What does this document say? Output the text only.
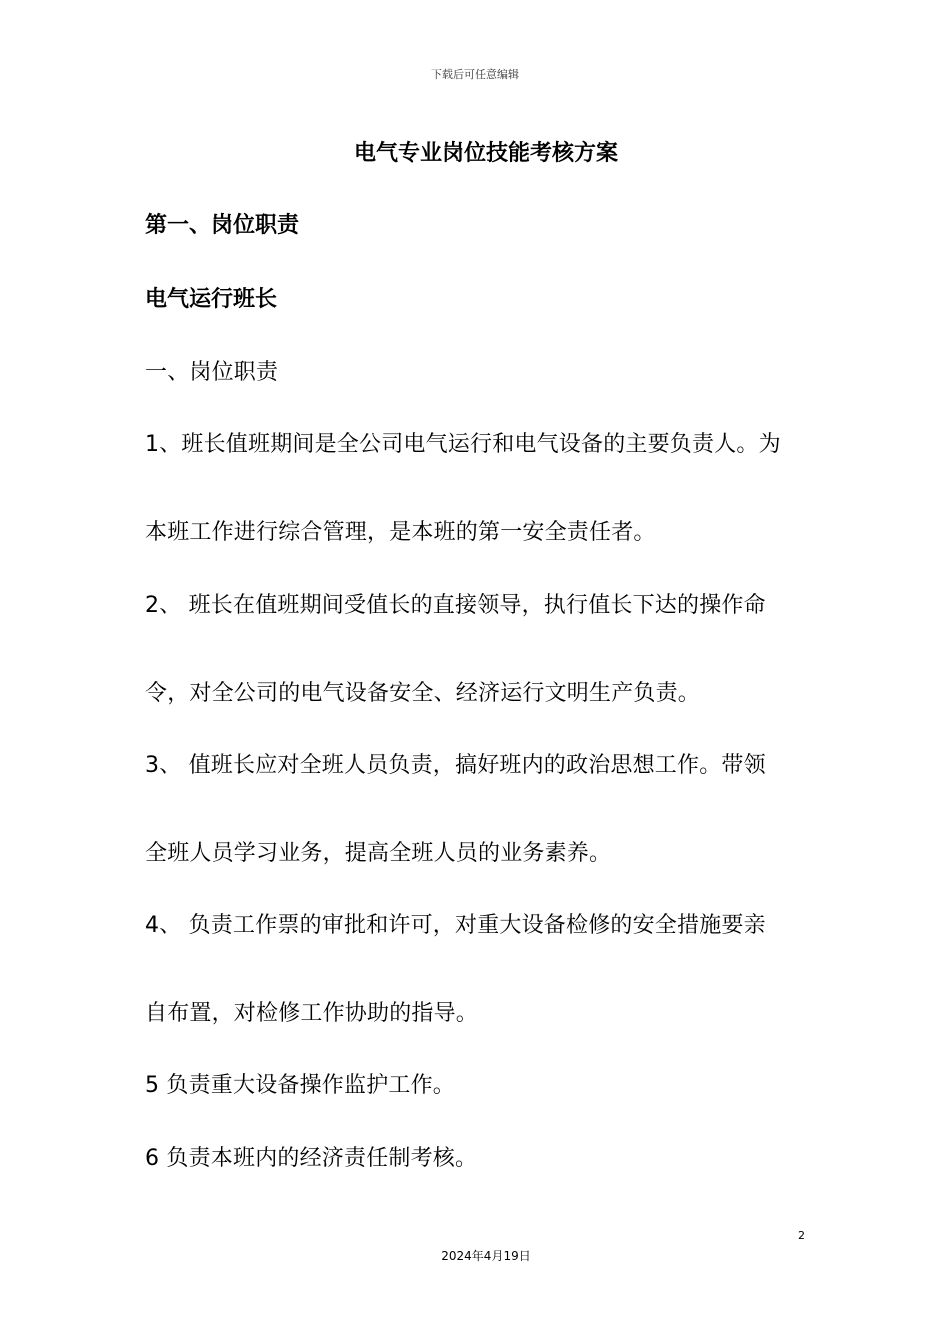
下载后可任意编辑
电气专业岗位技能考核方案
第一、岗位职责
电气运行班长
一、岗位职责
1、班长值班期间是全公司电气运行和电气设备的主要负责人。为
本班工作进行综合管理，是本班的第一安全责任者。
2、 班长在值班期间受值长的直接领导，执行值长下达的操作命
令，对全公司的电气设备安全、经济运行文明生产负责。
3、 值班长应对全班人员负责，搞好班内的政治思想工作。带领
全班人员学习业务，提高全班人员的业务素养。
4、 负责工作票的审批和许可，对重大设备检修的安全措施要亲
自布置，对检修工作协助的指导。
5 负责重大设备操作监护工作。
6 负责本班内的经济责任制考核。
2
2024年4月19日
